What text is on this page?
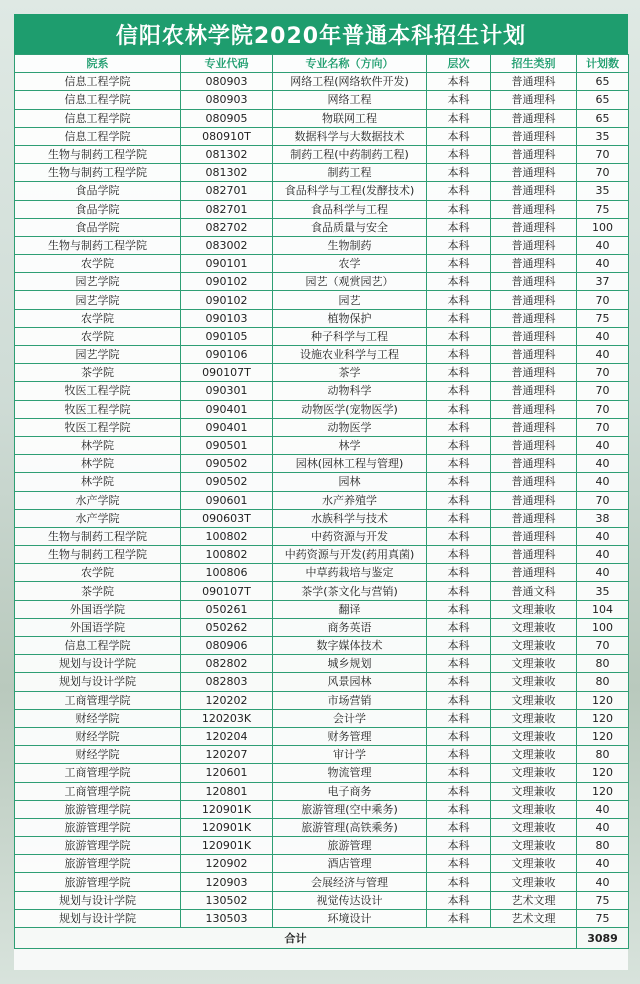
信阳农林学院2020年普通本科招生计划
院系	专业代码	专业名称（方向）	层次	招生类别	计划数
信息工程学院	080903	网络工程(网络软件开发)	本科	普通理科	65
信息工程学院	080903	网络工程	本科	普通理科	65
信息工程学院	080905	物联网工程	本科	普通理科	65
信息工程学院	080910T	数据科学与大数据技术	本科	普通理科	35
生物与制药工程学院	081302	制药工程(中药制药工程)	本科	普通理科	70
生物与制药工程学院	081302	制药工程	本科	普通理科	70
食品学院	082701	食品科学与工程(发酵技术)	本科	普通理科	35
食品学院	082701	食品科学与工程	本科	普通理科	75
食品学院	082702	食品质量与安全	本科	普通理科	100
生物与制药工程学院	083002	生物制药	本科	普通理科	40
农学院	090101	农学	本科	普通理科	40
园艺学院	090102	园艺（观赏园艺）	本科	普通理科	37
园艺学院	090102	园艺	本科	普通理科	70
农学院	090103	植物保护	本科	普通理科	75
农学院	090105	种子科学与工程	本科	普通理科	40
园艺学院	090106	设施农业科学与工程	本科	普通理科	40
茶学院	090107T	茶学	本科	普通理科	70
牧医工程学院	090301	动物科学	本科	普通理科	70
牧医工程学院	090401	动物医学(宠物医学)	本科	普通理科	70
牧医工程学院	090401	动物医学	本科	普通理科	70
林学院	090501	林学	本科	普通理科	40
林学院	090502	园林(园林工程与管理)	本科	普通理科	40
林学院	090502	园林	本科	普通理科	40
水产学院	090601	水产养殖学	本科	普通理科	70
水产学院	090603T	水族科学与技术	本科	普通理科	38
生物与制药工程学院	100802	中药资源与开发	本科	普通理科	40
生物与制药工程学院	100802	中药资源与开发(药用真菌)	本科	普通理科	40
农学院	100806	中草药栽培与鉴定	本科	普通理科	40
茶学院	090107T	茶学(茶文化与营销)	本科	普通文科	35
外国语学院	050261	翻译	本科	文理兼收	104
外国语学院	050262	商务英语	本科	文理兼收	100
信息工程学院	080906	数字媒体技术	本科	文理兼收	70
规划与设计学院	082802	城乡规划	本科	文理兼收	80
规划与设计学院	082803	风景园林	本科	文理兼收	80
工商管理学院	120202	市场营销	本科	文理兼收	120
财经学院	120203K	会计学	本科	文理兼收	120
财经学院	120204	财务管理	本科	文理兼收	120
财经学院	120207	审计学	本科	文理兼收	80
工商管理学院	120601	物流管理	本科	文理兼收	120
工商管理学院	120801	电子商务	本科	文理兼收	120
旅游管理学院	120901K	旅游管理(空中乘务)	本科	文理兼收	40
旅游管理学院	120901K	旅游管理(高铁乘务)	本科	文理兼收	40
旅游管理学院	120901K	旅游管理	本科	文理兼收	80
旅游管理学院	120902	酒店管理	本科	文理兼收	40
旅游管理学院	120903	会展经济与管理	本科	文理兼收	40
规划与设计学院	130502	视觉传达设计	本科	艺术文理	75
规划与设计学院	130503	环境设计	本科	艺术文理	75
合计					3089
